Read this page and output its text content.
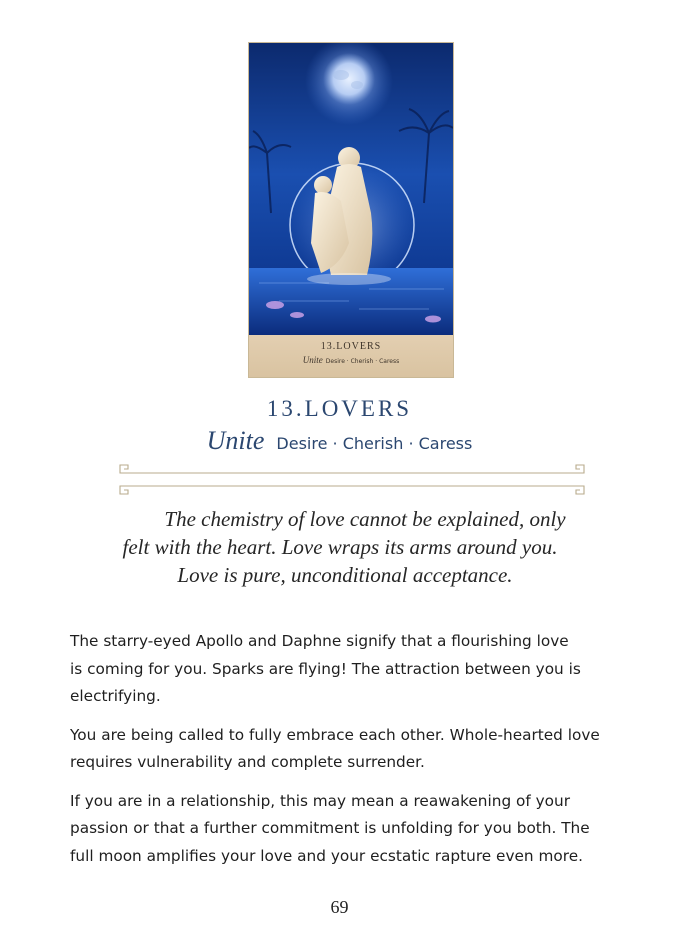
13.LOVERS
Unite Desire · Cherish · Caress
13.LOVERS
Unite Desire · Cherish · Caress
The chemistry of love cannot be explained, only
felt with the heart. Love wraps its arms around you.
Love is pure, unconditional acceptance.

The starry-eyed Apollo and Daphne signify that a flourishing love
is coming for you. Sparks are flying! The attraction between you is
electrifying.

You are being called to fully embrace each other. Whole-hearted love
requires vulnerability and complete surrender.

If you are in a relationship, this may mean a reawakening of your
passion or that a further commitment is unfolding for you both. The
full moon amplifies your love and your ecstatic rapture even more.

69
